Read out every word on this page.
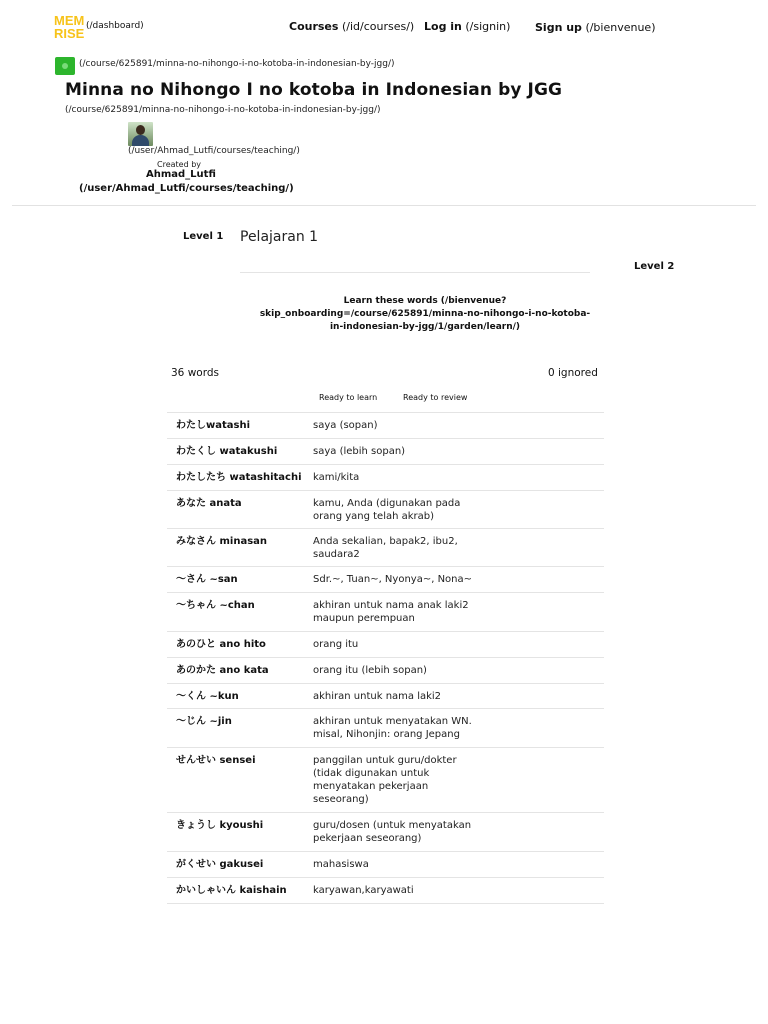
MEM
RISE (/dashboard)	Courses (/id/courses/) Log in (/signin) Sign up (/bienvenue)
(/course/625891/minna-no-nihongo-i-no-kotoba-in-indonesian-by-jgg/)
Minna no Nihongo I no kotoba in Indonesian by JGG
(/course/625891/minna-no-nihongo-i-no-kotoba-in-indonesian-by-jgg/)
(/user/Ahmad_Lutfi/courses/teaching/)
Created by
Ahmad_Lutfi
(/user/Ahmad_Lutfi/courses/teaching/)
Level 1 Pelajaran 1
Level 2
Learn these words (/bienvenue? skip_onboarding=/course/625891/minna-no-nihongo-i-no-kotoba-in-indonesian-by-jgg/1/garden/learn/)
36 words	0 ignored
Ready to learn	Ready to review
わたしwatashi	saya (sopan)
わたくし watakushi	saya (lebih sopan)
わたしたち watashitachi	kami/kita
あなた anata	kamu, Anda (digunakan pada orang yang telah akrab)
みなさん minasan	Anda sekalian, bapak2, ibu2, saudara2
～さん ~san	Sdr.~, Tuan~, Nyonya~, Nona~
～ちゃん ~chan	akhiran untuk nama anak laki2 maupun perempuan
あのひと ano hito	orang itu
あのかた ano kata	orang itu (lebih sopan)
～くん ~kun	akhiran untuk nama laki2
～じん ~jin	akhiran untuk menyatakan WN. misal, Nihonjin: orang Jepang
せんせい sensei	panggilan untuk guru/dokter (tidak digunakan untuk menyatakan pekerjaan seseorang)
きょうし kyoushi	guru/dosen (untuk menyatakan pekerjaan seseorang)
がくせい gakusei	mahasiswa
かいしゃいん kaishain	karyawan,karyawati
